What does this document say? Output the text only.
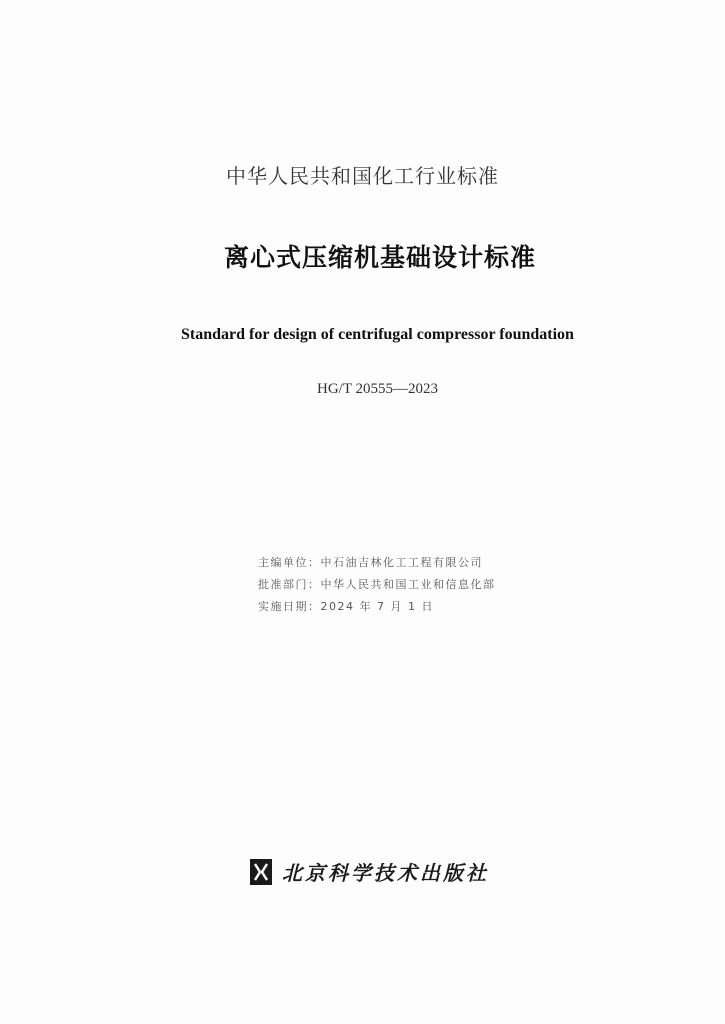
中华人民共和国化工行业标准
离心式压缩机基础设计标准
Standard for design of centrifugal compressor foundation
HG/T 20555—2023
主编单位：中石油吉林化工工程有限公司
批准部门：中华人民共和国工业和信息化部
实施日期：2024 年 7 月 1 日
北京科学技术出版社
